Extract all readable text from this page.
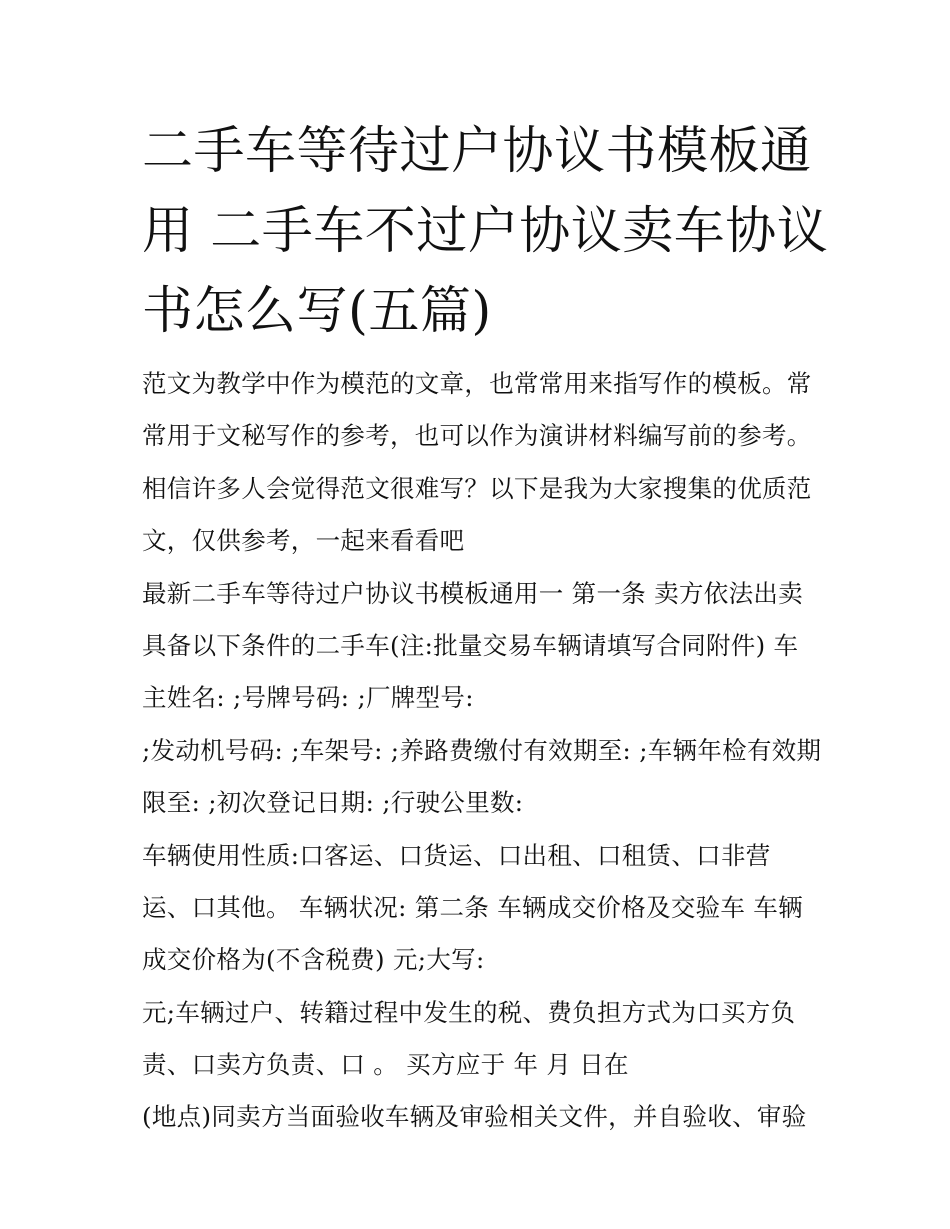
二手车等待过户协议书模板通
用 二手车不过户协议卖车协议
书怎么写(五篇)
范文为教学中作为模范的文章，也常常用来指写作的模板。常
常用于文秘写作的参考，也可以作为演讲材料编写前的参考。
相信许多人会觉得范文很难写？以下是我为大家搜集的优质范
文，仅供参考，一起来看看吧
最新二手车等待过户协议书模板通用一 第一条 卖方依法出卖
具备以下条件的二手车(注:批量交易车辆请填写合同附件) 车
主姓名: ;号牌号码: ;厂牌型号:
;发动机号码: ;车架号: ;养路费缴付有效期至: ;车辆年检有效期
限至: ;初次登记日期: ;行驶公里数:
车辆使用性质:口客运、口货运、口出租、口租赁、口非营
运、口其他。 车辆状况: 第二条 车辆成交价格及交验车 车辆
成交价格为(不含税费) 元;大写:
元;车辆过户、转籍过程中发生的税、费负担方式为口买方负
责、口卖方负责、口 。 买方应于 年 月 日在
(地点)同卖方当面验收车辆及审验相关文件，并自验收、审验
